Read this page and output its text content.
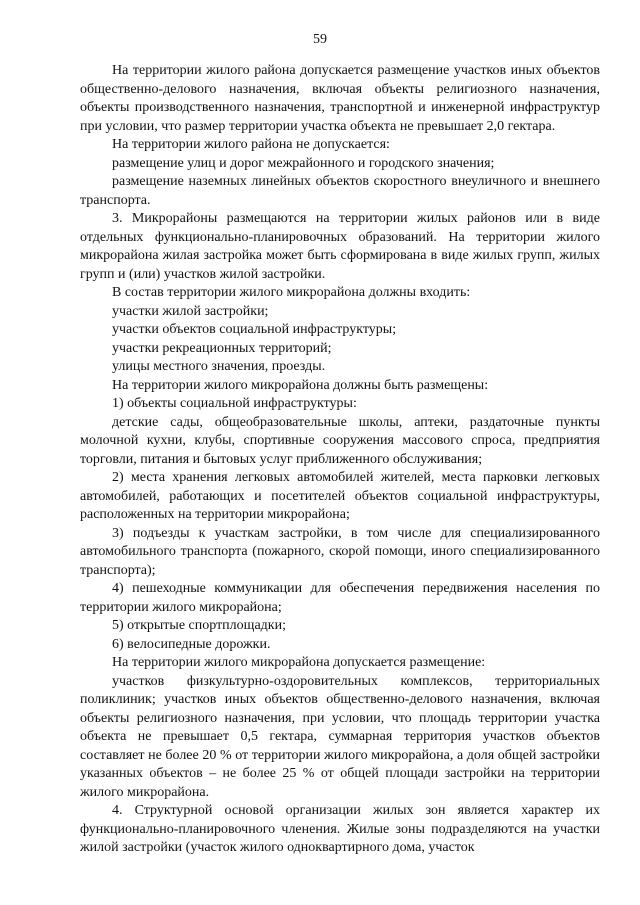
59

На территории жилого района допускается размещение участков иных объектов общественно-делового назначения, включая объекты религиозного назначения, объекты производственного назначения, транспортной и инженерной инфраструктур при условии, что размер территории участка объекта не превышает 2,0 гектара.

На территории жилого района не допускается:

размещение улиц и дорог межрайонного и городского значения;

размещение наземных линейных объектов скоростного внеуличного и внешнего транспорта.

3. Микрорайоны размещаются на территории жилых районов или в виде отдельных функционально-планировочных образований. На территории жилого микрорайона жилая застройка может быть сформирована в виде жилых групп, жилых групп и (или) участков жилой застройки.

В состав территории жилого микрорайона должны входить:

участки жилой застройки;

участки объектов социальной инфраструктуры;

участки рекреационных территорий;

улицы местного значения, проезды.

На территории жилого микрорайона должны быть размещены:

1) объекты социальной инфраструктуры:

детские сады, общеобразовательные школы, аптеки, раздаточные пункты молочной кухни, клубы, спортивные сооружения массового спроса, предприятия торговли, питания и бытовых услуг приближенного обслуживания;

2) места хранения легковых автомобилей жителей, места парковки легковых автомобилей, работающих и посетителей объектов социальной инфраструктуры, расположенных на территории микрорайона;

3) подъезды к участкам застройки, в том числе для специализированного автомобильного транспорта (пожарного, скорой помощи, иного специализированного транспорта);

4) пешеходные коммуникации для обеспечения передвижения населения по территории жилого микрорайона;

5) открытые спортплощадки;

6) велосипедные дорожки.

На территории жилого микрорайона допускается размещение:

участков физкультурно-оздоровительных комплексов, территориальных поликлиник; участков иных объектов общественно-делового назначения, включая объекты религиозного назначения, при условии, что площадь территории участка объекта не превышает 0,5 гектара, суммарная территория участков объектов составляет не более 20 % от территории жилого микрорайона, а доля общей застройки указанных объектов – не более 25 % от общей площади застройки на территории жилого микрорайона.

4. Структурной основой организации жилых зон является характер их функционально-планировочного членения. Жилые зоны подразделяются на участки жилой застройки (участок жилого одноквартирного дома, участок
